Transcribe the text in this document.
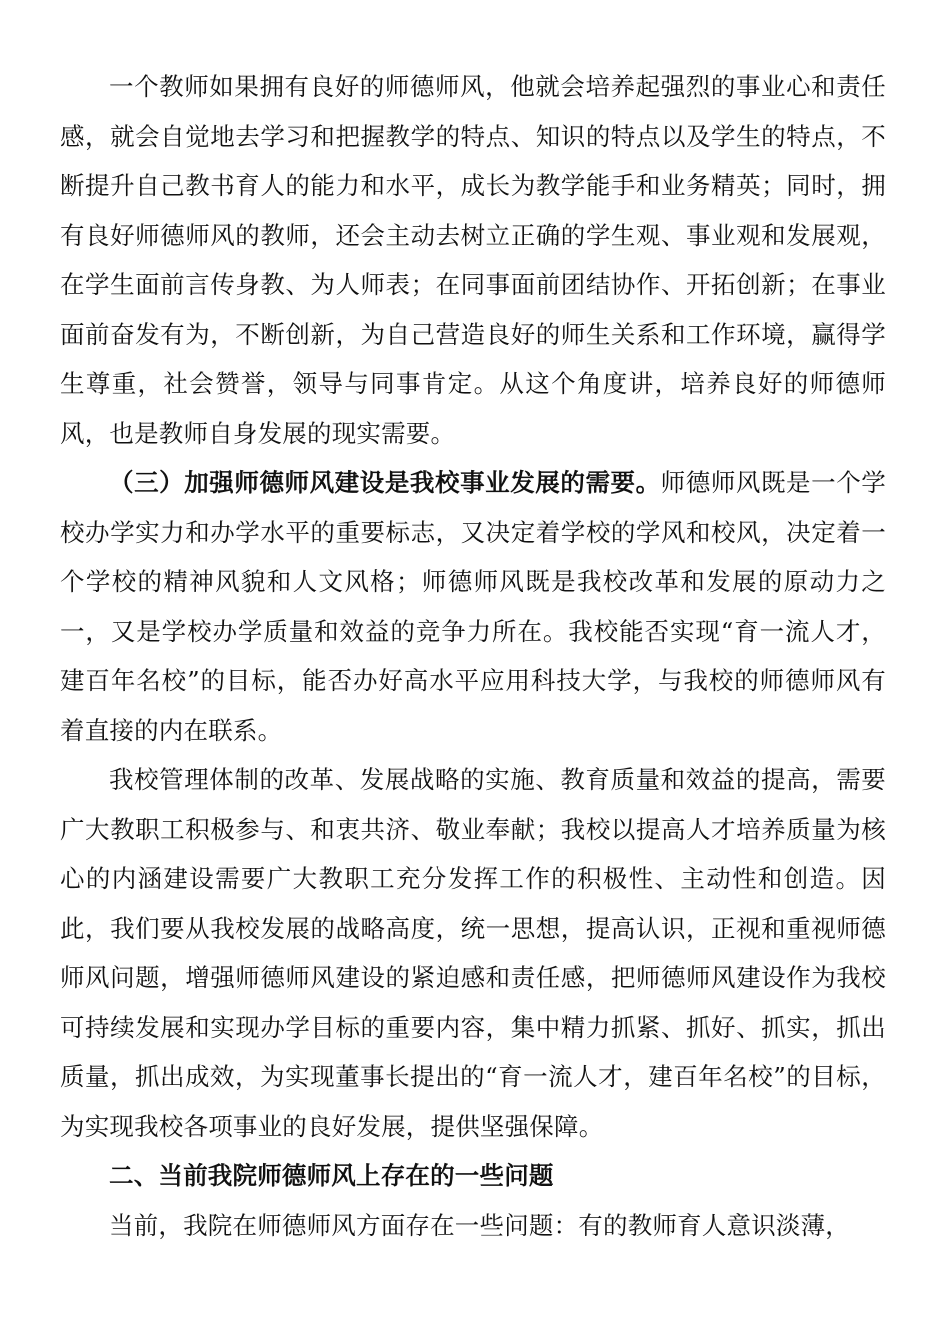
一个教师如果拥有良好的师德师风，他就会培养起强烈的事业心和责任感，就会自觉地去学习和把握教学的特点、知识的特点以及学生的特点，不断提升自己教书育人的能力和水平，成长为教学能手和业务精英；同时，拥有良好师德师风的教师，还会主动去树立正确的学生观、事业观和发展观，在学生面前言传身教、为人师表；在同事面前团结协作、开拓创新；在事业面前奋发有为，不断创新，为自己营造良好的师生关系和工作环境，赢得学生尊重，社会赞誉，领导与同事肯定。从这个角度讲，培养良好的师德师风，也是教师自身发展的现实需要。

（三）加强师德师风建设是我校事业发展的需要。师德师风既是一个学校办学实力和办学水平的重要标志，又决定着学校的学风和校风，决定着一个学校的精神风貌和人文风格；师德师风既是我校改革和发展的原动力之一，又是学校办学质量和效益的竞争力所在。我校能否实现“育一流人才，建百年名校”的目标，能否办好高水平应用科技大学，与我校的师德师风有着直接的内在联系。

我校管理体制的改革、发展战略的实施、教育质量和效益的提高，需要广大教职工积极参与、和衷共济、敬业奉献；我校以提高人才培养质量为核心的内涵建设需要广大教职工充分发挥工作的积极性、主动性和创造。因此，我们要从我校发展的战略高度，统一思想，提高认识，正视和重视师德师风问题，增强师德师风建设的紧迫感和责任感，把师德师风建设作为我校可持续发展和实现办学目标的重要内容，集中精力抓紧、抓好、抓实，抓出质量，抓出成效，为实现董事长提出的“育一流人才，建百年名校”的目标，为实现我校各项事业的良好发展，提供坚强保障。

二、当前我院师德师风上存在的一些问题

当前，我院在师德师风方面存在一些问题：有的教师育人意识淡薄，
